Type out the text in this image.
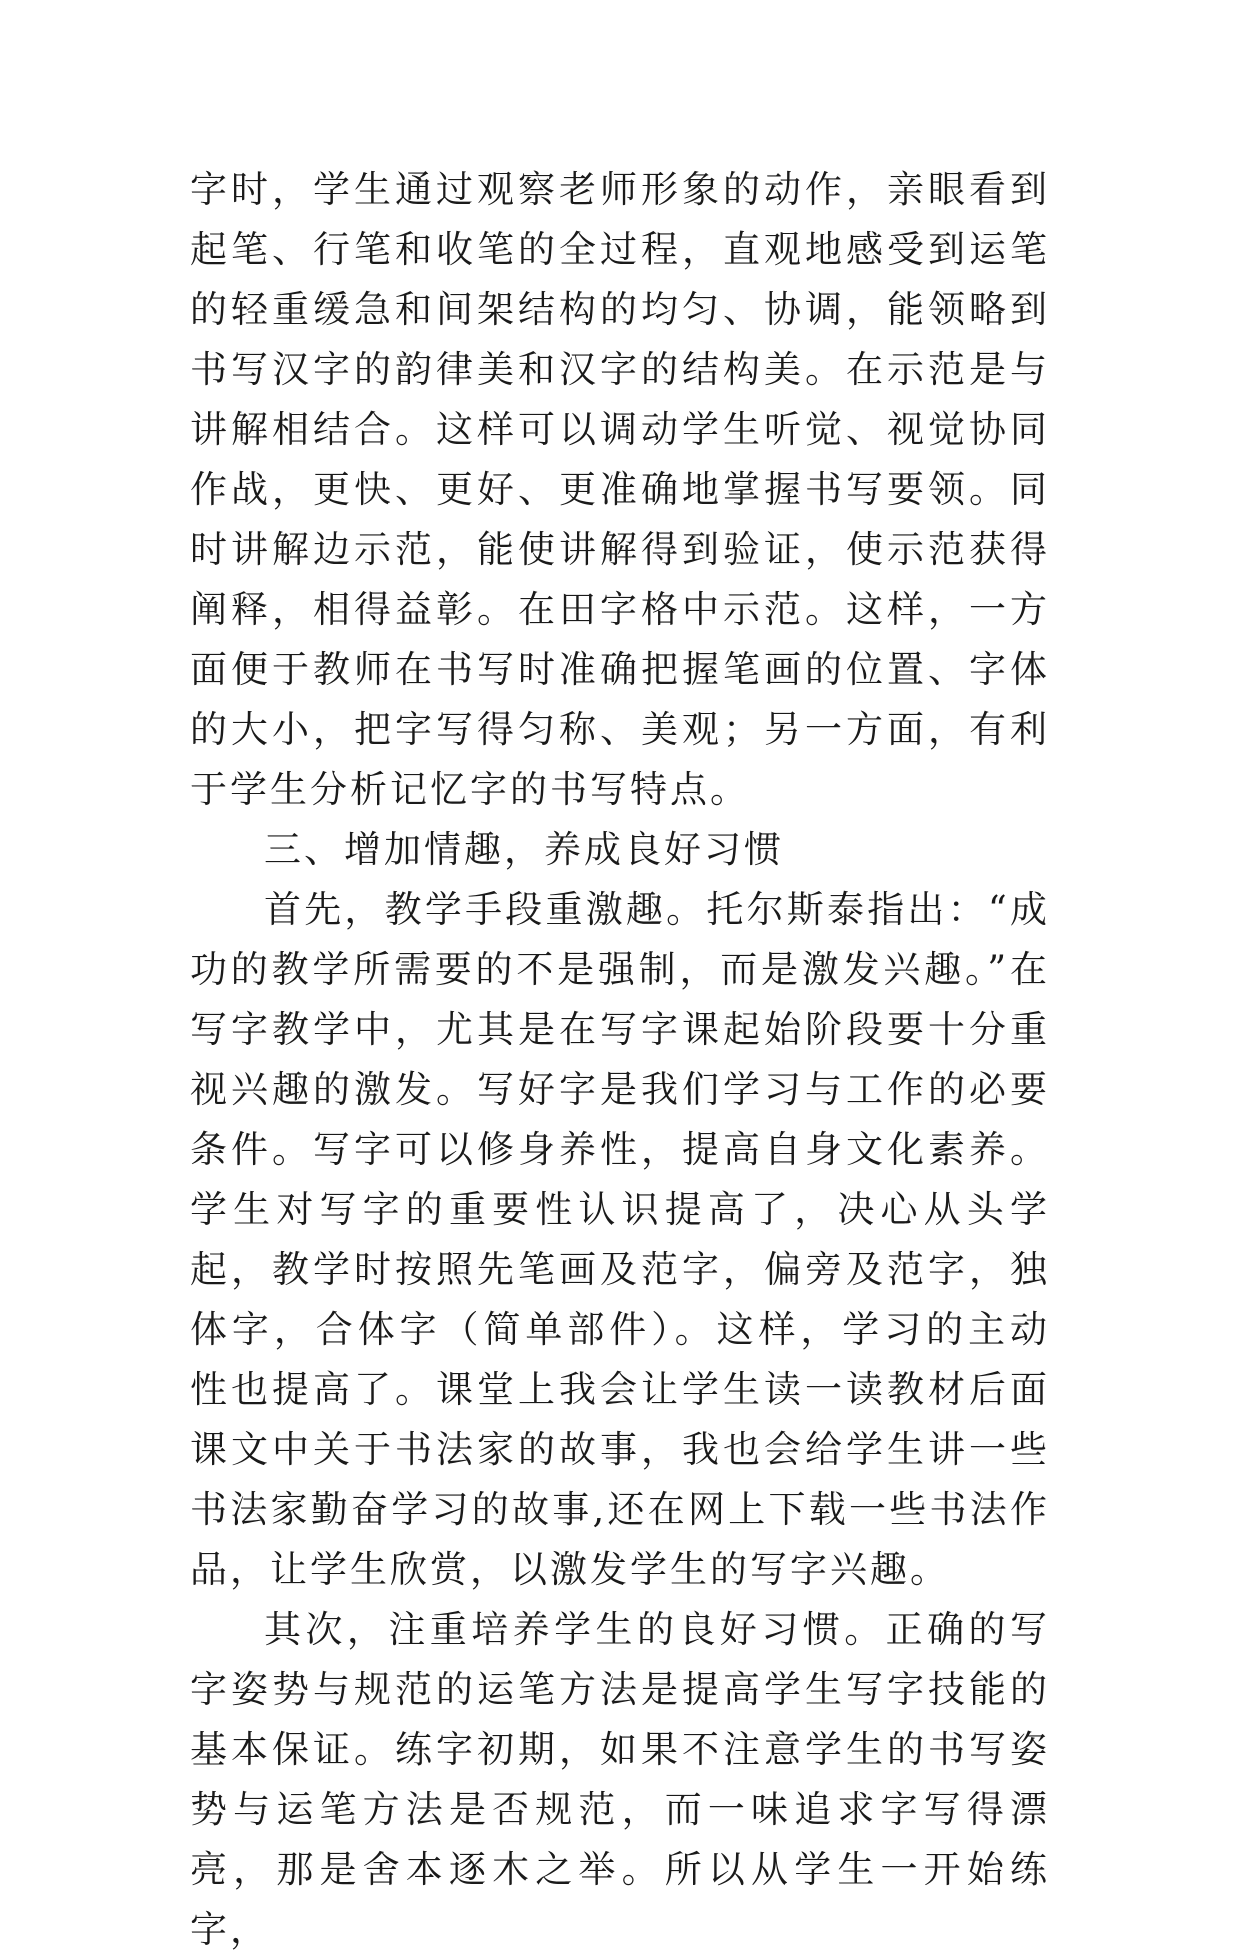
字时，学生通过观察老师形象的动作，亲眼看到起笔、行笔和收笔的全过程，直观地感受到运笔的轻重缓急和间架结构的均匀、协调，能领略到书写汉字的韵律美和汉字的结构美。在示范是与讲解相结合。这样可以调动学生听觉、视觉协同作战，更快、更好、更准确地掌握书写要领。同时讲解边示范，能使讲解得到验证，使示范获得阐释，相得益彰。在田字格中示范。这样，一方面便于教师在书写时准确把握笔画的位置、字体的大小，把字写得匀称、美观；另一方面，有利于学生分析记忆字的书写特点。

三、增加情趣，养成良好习惯

首先，教学手段重激趣。托尔斯泰指出：“成功的教学所需要的不是强制，而是激发兴趣。”在写字教学中，尤其是在写字课起始阶段要十分重视兴趣的激发。写好字是我们学习与工作的必要条件。写字可以修身养性，提高自身文化素养。学生对写字的重要性认识提高了，决心从头学起，教学时按照先笔画及范字，偏旁及范字，独体字，合体字（简单部件）。这样，学习的主动性也提高了。课堂上我会让学生读一读教材后面课文中关于书法家的故事，我也会给学生讲一些书法家勤奋学习的故事,还在网上下载一些书法作品，让学生欣赏，以激发学生的写字兴趣。

其次，注重培养学生的良好习惯。正确的写字姿势与规范的运笔方法是提高学生写字技能的基本保证。练字初期，如果不注意学生的书写姿势与运笔方法是否规范，而一味追求字写得漂亮，那是舍本逐木之举。所以从学生一开始练字，
